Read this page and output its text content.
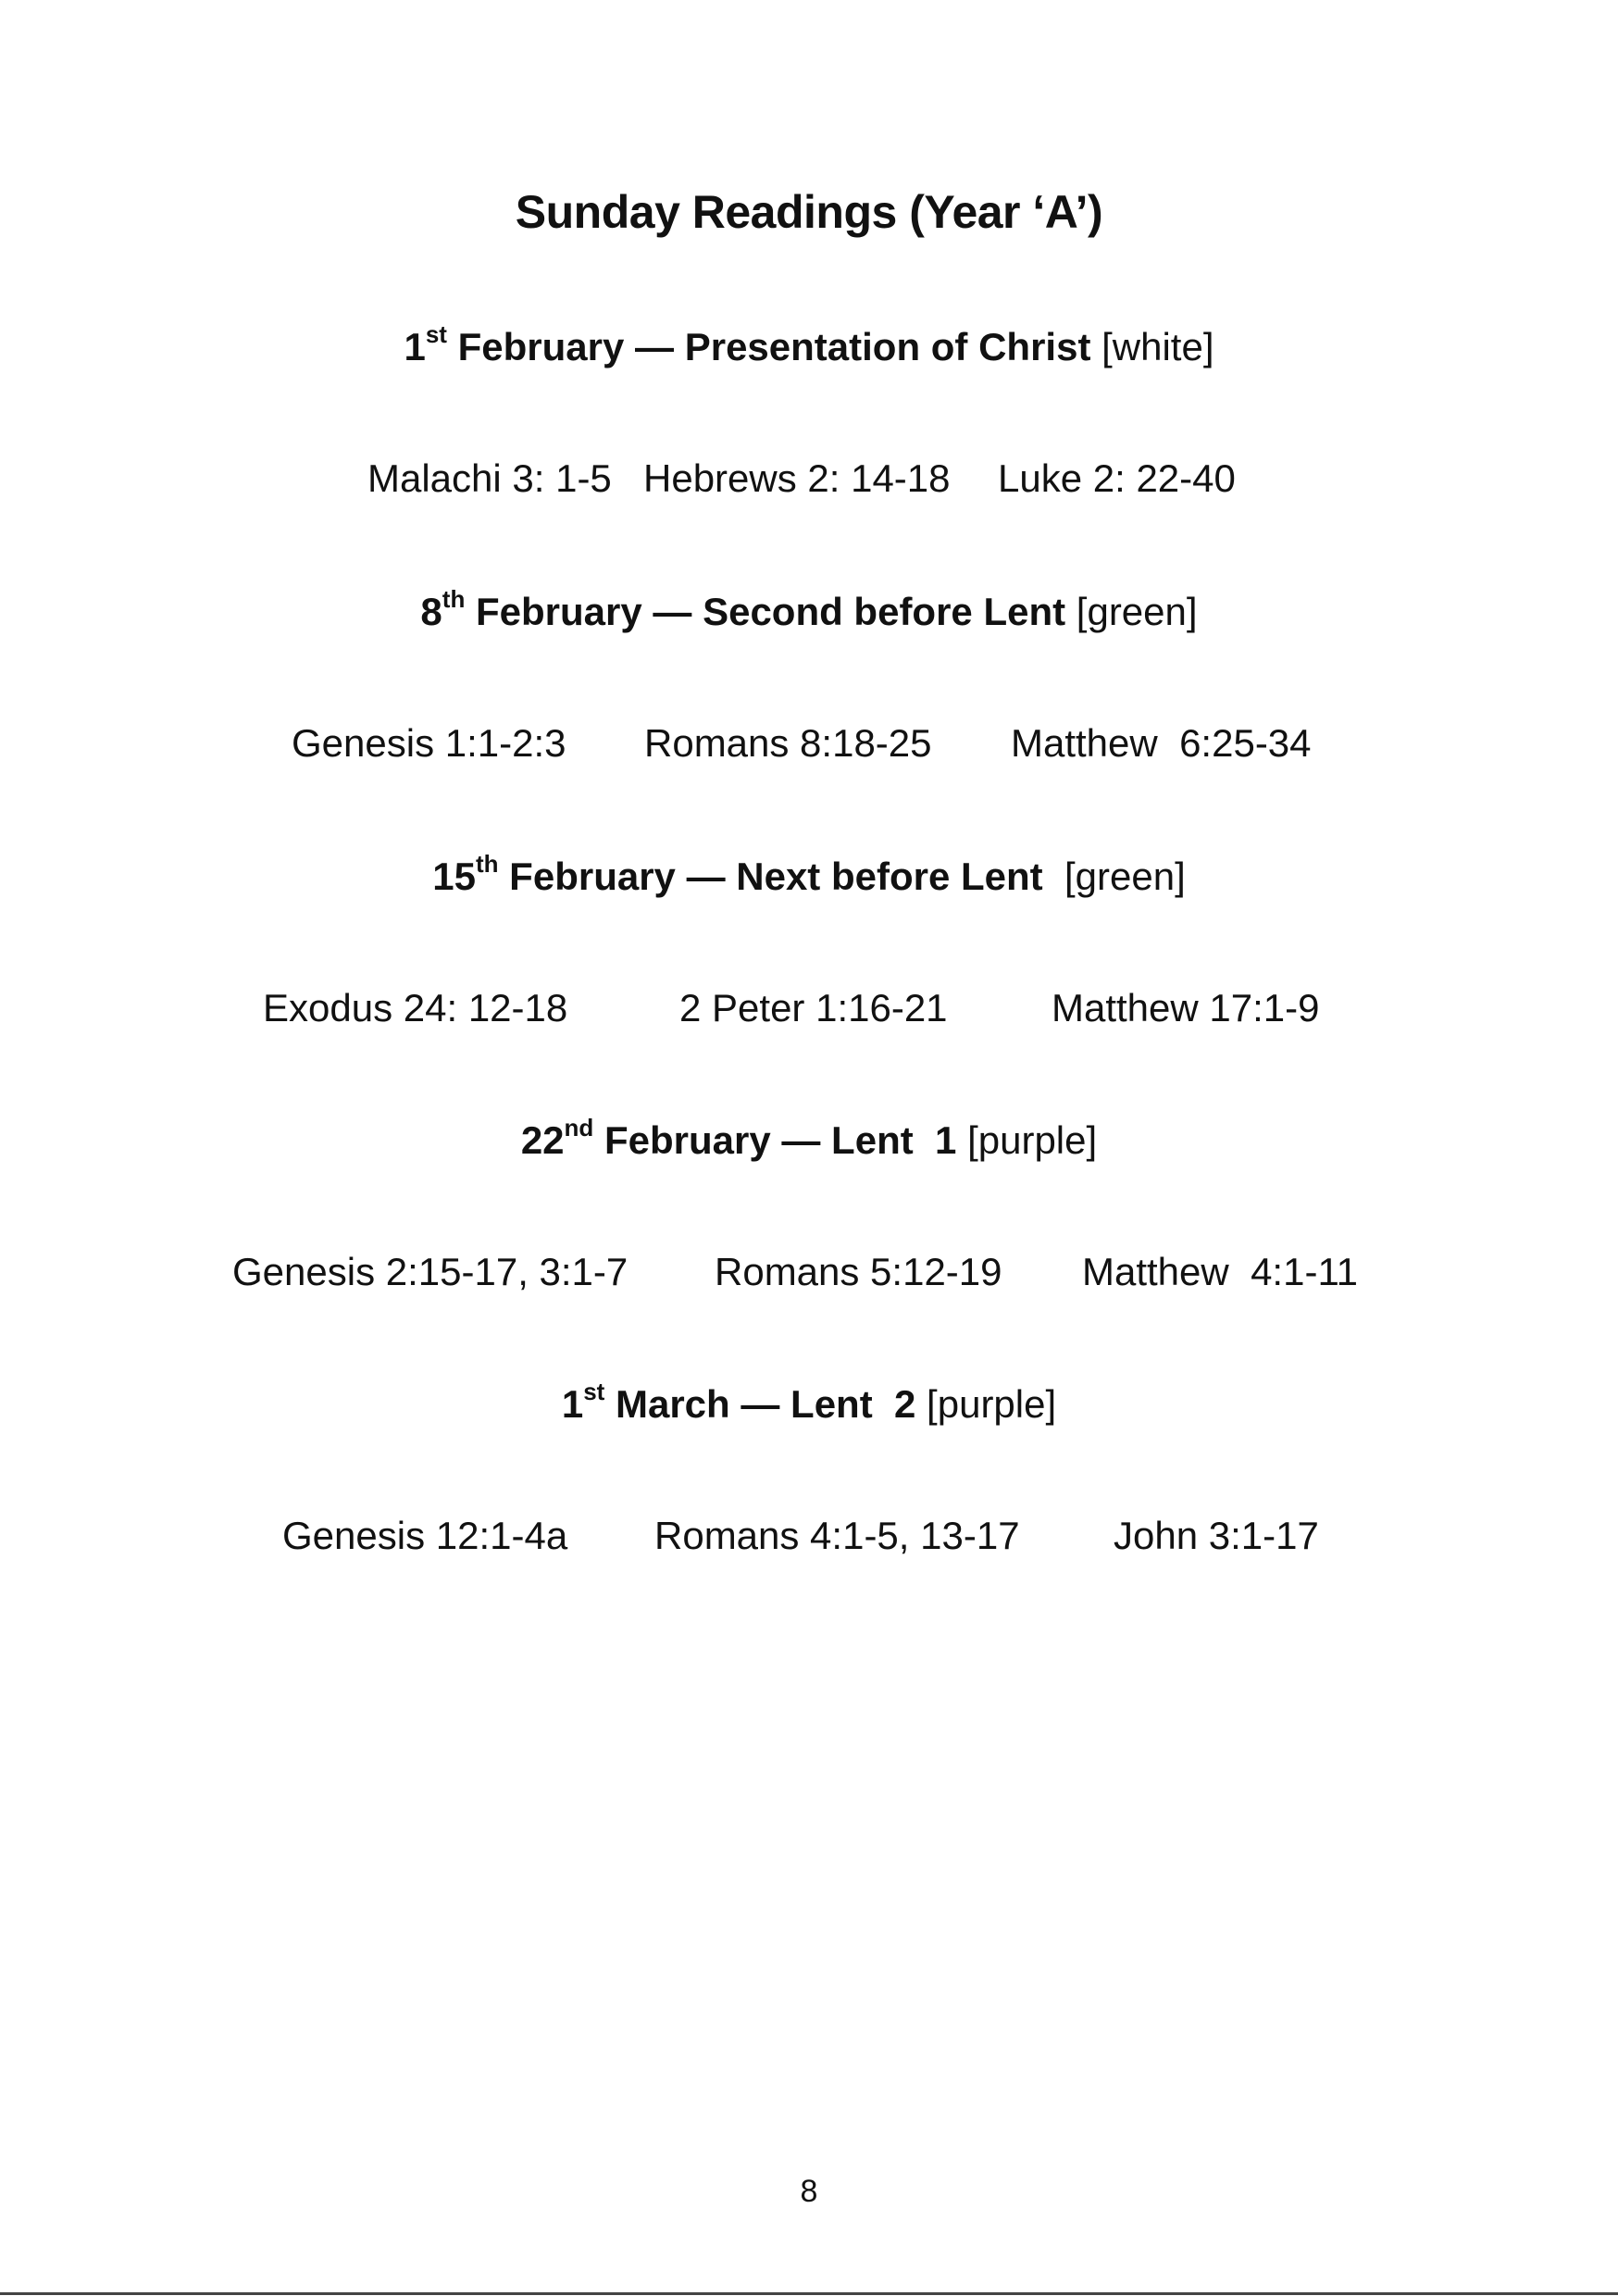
Sunday Readings (Year ‘A’)
1st February — Presentation of Christ [white]
Malachi 3: 1-5 Hebrews 2: 14-18 Luke 2: 22-40
8th February — Second before Lent [green]
Genesis 1:1-2:3 Romans 8:18-25 Matthew  6:25-34
15th February — Next before Lent  [green]
Exodus 24: 12-18	2 Peter 1:16-21	Matthew 17:1-9
22nd February — Lent  1 [purple]
Genesis 2:15-17, 3:1-7 Romans 5:12-19 Matthew  4:1-11
1st March — Lent  2 [purple]
Genesis 12:1-4a Romans 4:1-5, 13-17 John 3:1-17
8
